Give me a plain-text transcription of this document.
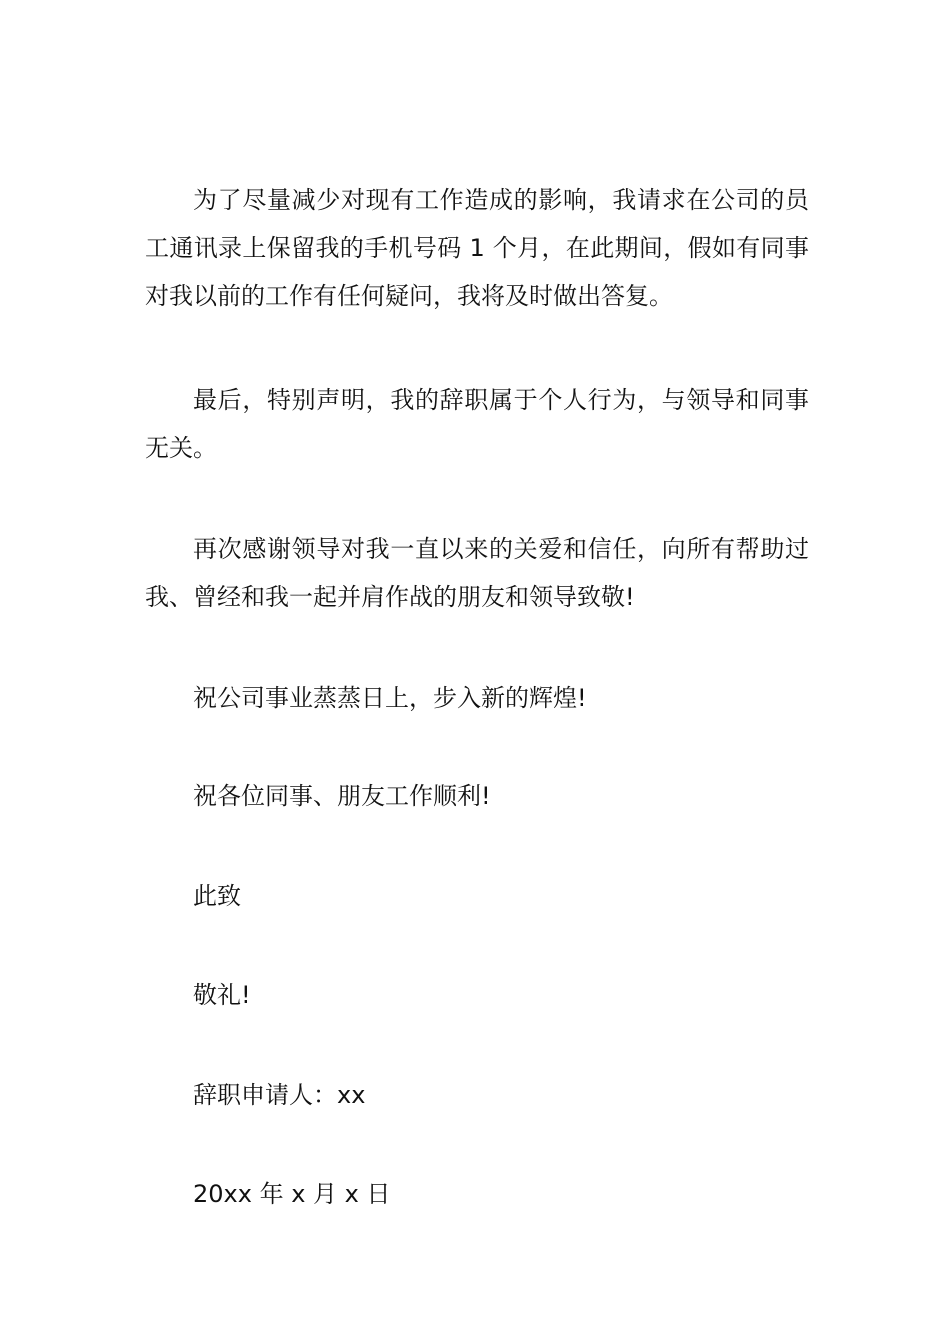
为了尽量减少对现有工作造成的影响，我请求在公司的员工通讯录上保留我的手机号码 1 个月，在此期间，假如有同事对我以前的工作有任何疑问，我将及时做出答复。

最后，特别声明，我的辞职属于个人行为，与领导和同事无关。

再次感谢领导对我一直以来的关爱和信任，向所有帮助过我、曾经和我一起并肩作战的朋友和领导致敬!

祝公司事业蒸蒸日上，步入新的辉煌!

祝各位同事、朋友工作顺利!

此致

敬礼!

辞职申请人：xx

20xx 年 x 月 x 日
